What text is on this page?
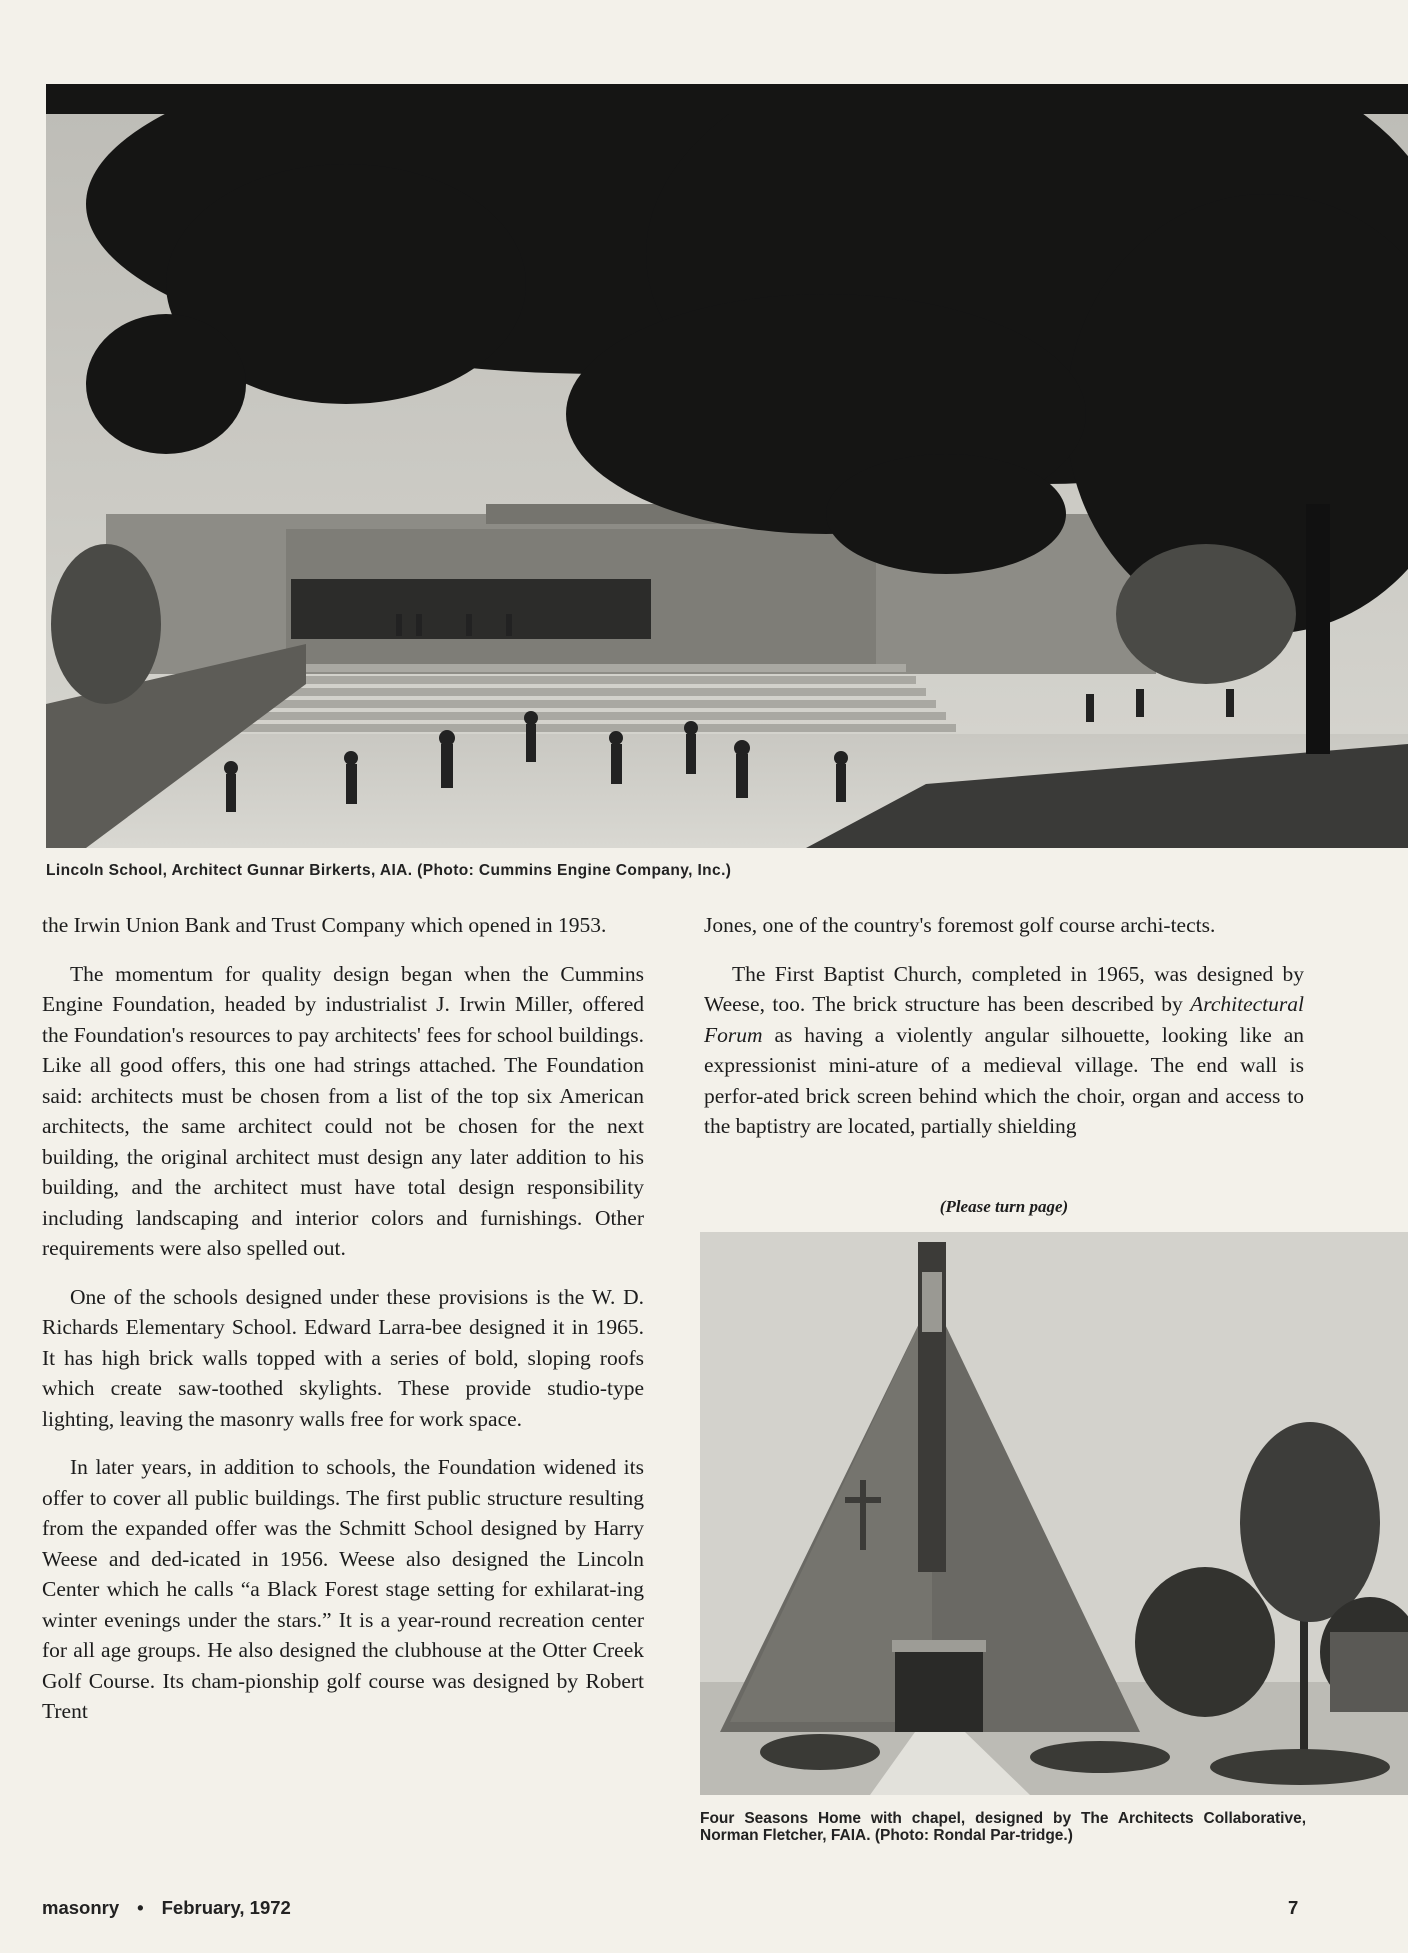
Lincoln School, Architect Gunnar Birkerts, AIA. (Photo: Cummins Engine Company, Inc.)

the Irwin Union Bank and Trust Company which opened in 1953.

The momentum for quality design began when the Cummins Engine Foundation, headed by industrialist J. Irwin Miller, offered the Foundation's resources to pay architects' fees for school buildings. Like all good offers, this one had strings attached. The Foundation said: architects must be chosen from a list of the top six American architects, the same architect could not be chosen for the next building, the original architect must design any later addition to his building, and the architect must have total design responsibility including landscaping and interior colors and furnishings. Other requirements were also spelled out.

One of the schools designed under these provisions is the W. D. Richards Elementary School. Edward Larra-bee designed it in 1965. It has high brick walls topped with a series of bold, sloping roofs which create saw-toothed skylights. These provide studio-type lighting, leaving the masonry walls free for work space.

In later years, in addition to schools, the Foundation widened its offer to cover all public buildings. The first public structure resulting from the expanded offer was the Schmitt School designed by Harry Weese and ded-icated in 1956. Weese also designed the Lincoln Center which he calls “a Black Forest stage setting for exhilarat-ing winter evenings under the stars.” It is a year-round recreation center for all age groups. He also designed the clubhouse at the Otter Creek Golf Course. Its cham-pionship golf course was designed by Robert Trent

Jones, one of the country's foremost golf course archi-tects.

The First Baptist Church, completed in 1965, was designed by Weese, too. The brick structure has been described by Architectural Forum as having a violently angular silhouette, looking like an expressionist mini-ature of a medieval village. The end wall is perfor-ated brick screen behind which the choir, organ and access to the baptistry are located, partially shielding

(Please turn page)
Four Seasons Home with chapel, designed by The Architects Collaborative, Norman Fletcher, FAIA. (Photo: Rondal Par-tridge.)
masonry • February, 1972	7
